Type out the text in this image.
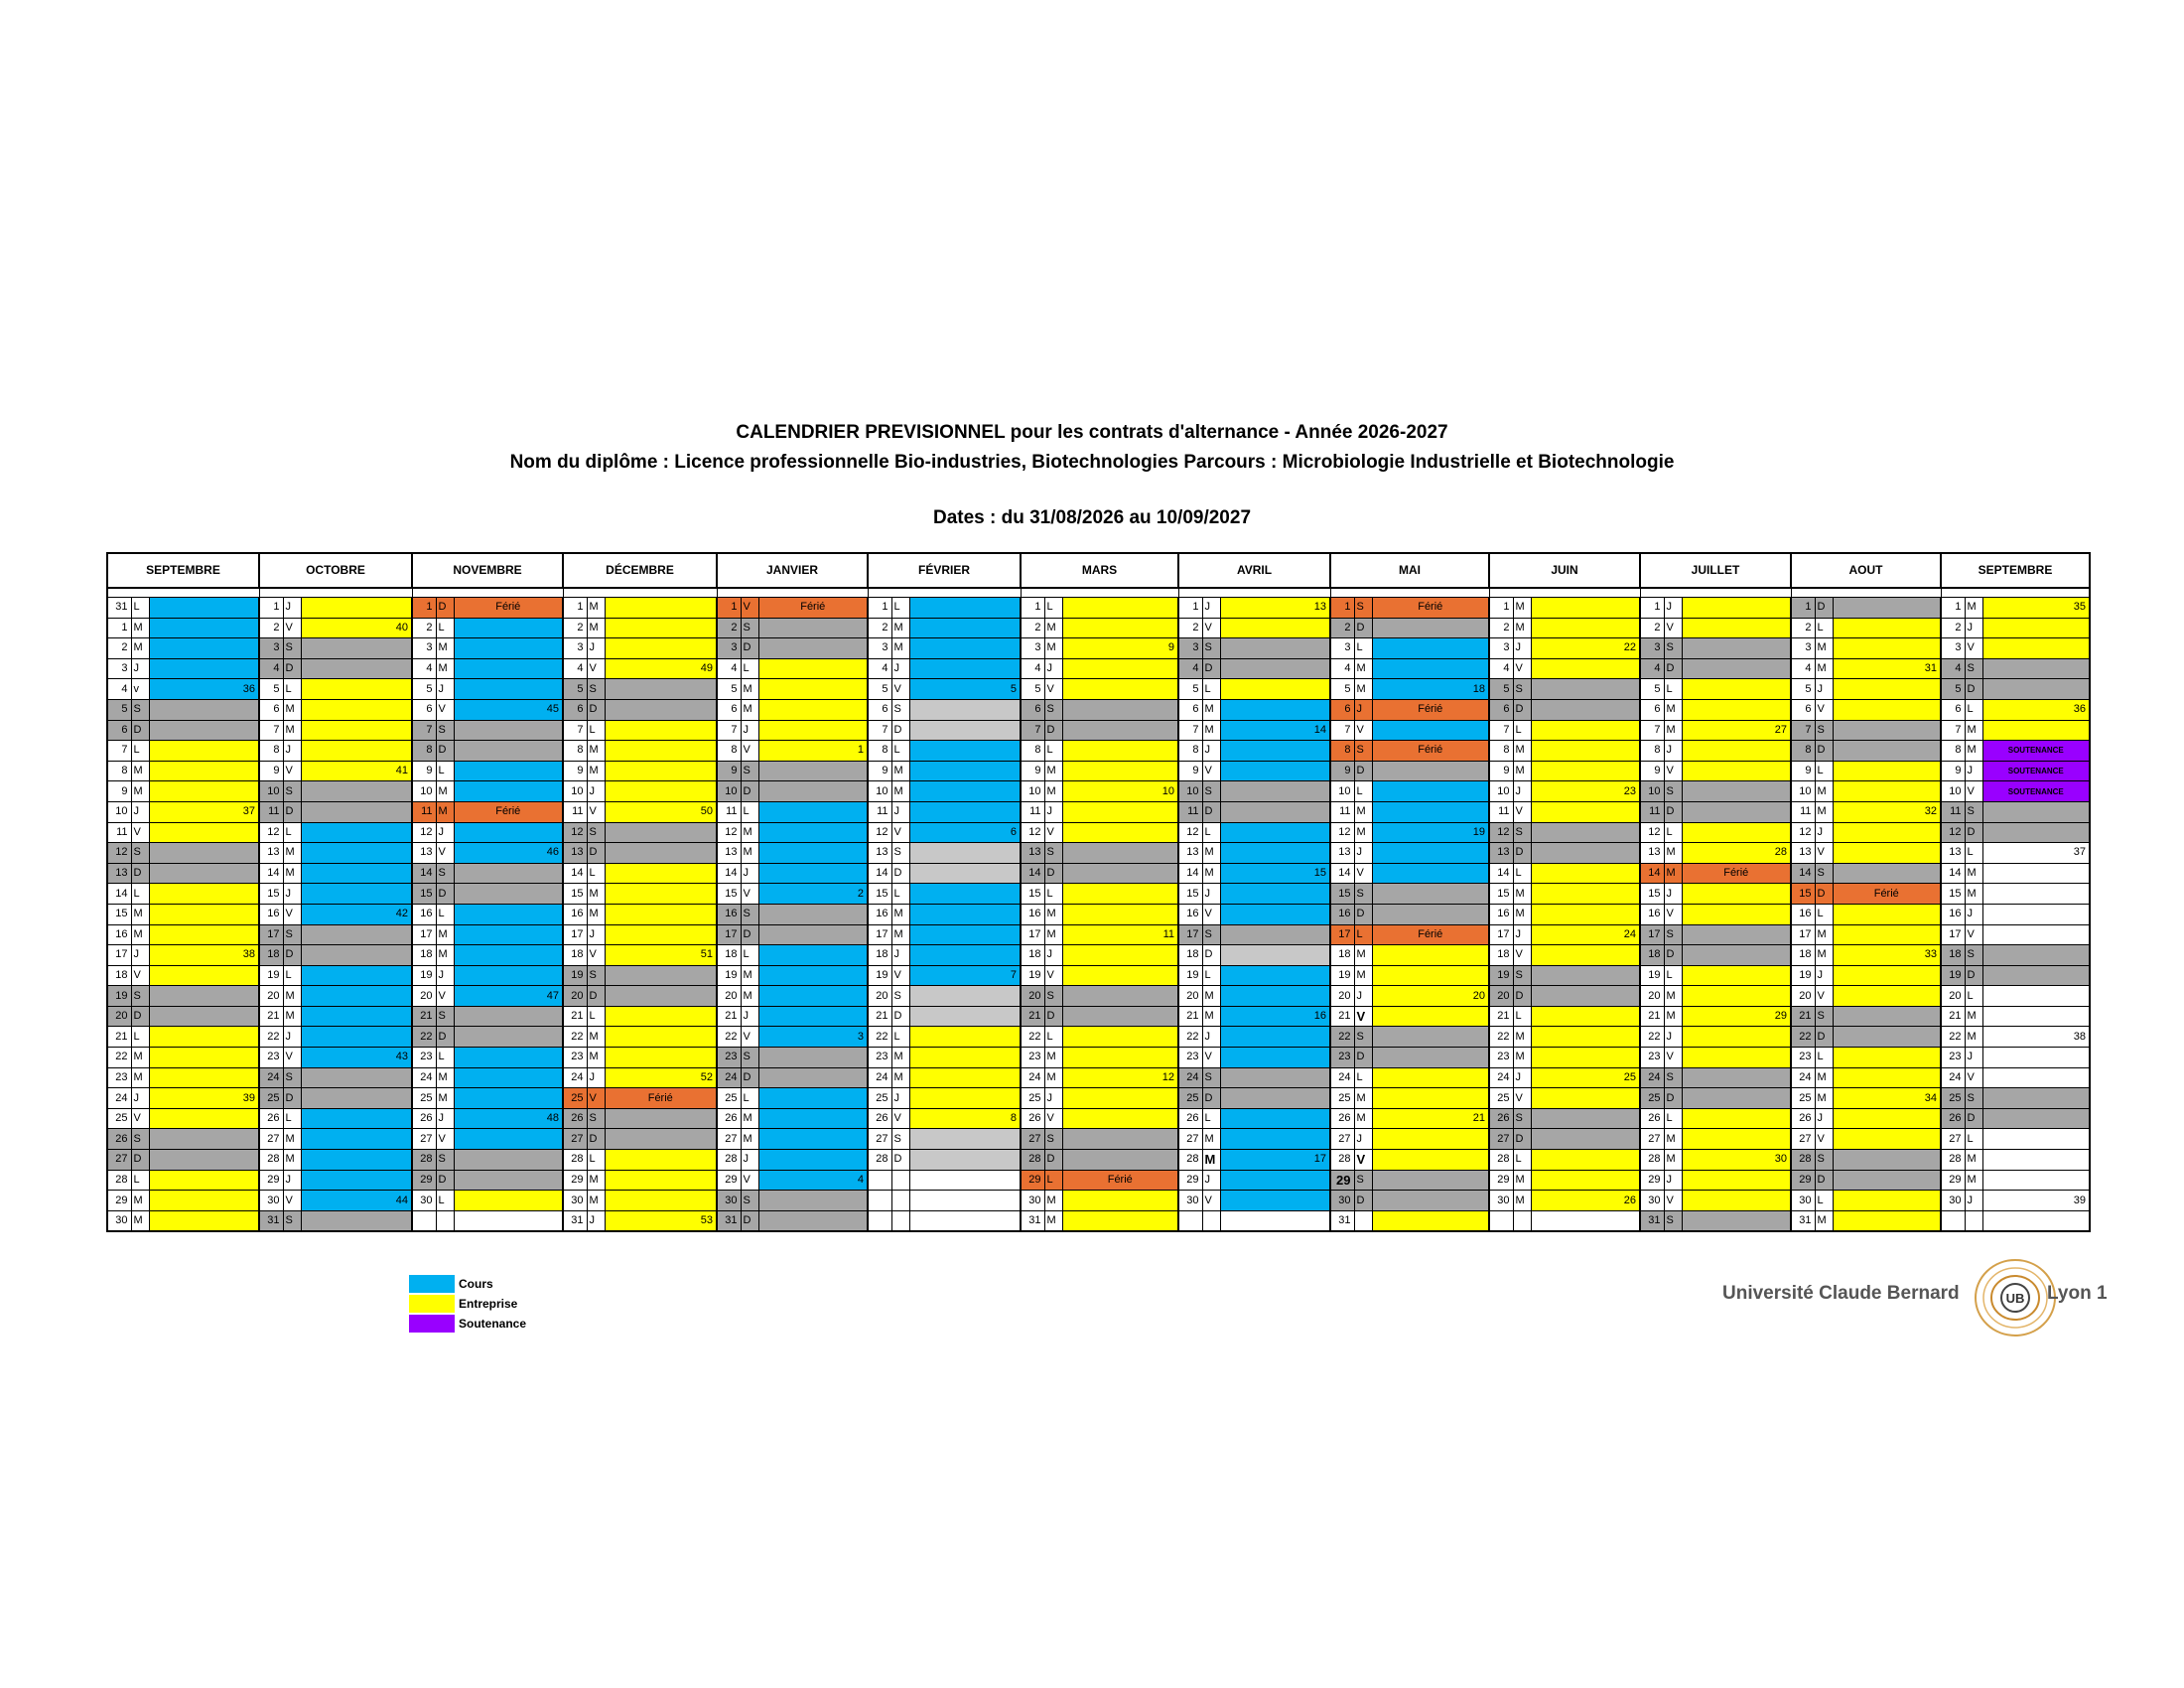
CALENDRIER PREVISIONNEL pour les contrats d'alternance - Année 2026-2027
Nom du diplôme : Licence professionnelle Bio-industries, Biotechnologies Parcours : Microbiologie Industrielle et Biotechnologie
Dates : du 31/08/2026 au 10/09/2027
SEPTEMBRE			OCTOBRE			NOVEMBRE			DÉCEMBRE			JANVIER			FÉVRIER			MARS			AVRIL			MAI			JUIN			JUILLET			AOUT			SEPTEMBRE		

31	L		1	J		1	D	Férié	1	M		1	V	Férié	1	L		1	L		1	J	13	1	S	Férié	1	M		1	J		1	D		1	M	35
1	M		2	V	40	2	L		2	M		2	S		2	M		2	M		2	V		2	D		2	M		2	V		2	L		2	J	
2	M		3	S		3	M		3	J		3	D		3	M		3	M	9	3	S		3	L		3	J	22	3	S		3	M		3	V	
3	J		4	D		4	M		4	V	49	4	L		4	J		4	J		4	D		4	M		4	V		4	D		4	M	31	4	S	
4	v	36	5	L		5	J		5	S		5	M		5	V	5	5	V		5	L		5	M	18	5	S		5	L		5	J		5	D	
5	S		6	M		6	V	45	6	D		6	M		6	S		6	S		6	M		6	J	Férié	6	D		6	M		6	V		6	L	36
6	D		7	M		7	S		7	L		7	J		7	D		7	D		7	M	14	7	V		7	L		7	M	27	7	S		7	M	
7	L		8	J		8	D		8	M		8	V	1	8	L		8	L		8	J		8	S	Férié	8	M		8	J		8	D		8	M	SOUTENANCE
8	M		9	V	41	9	L		9	M		9	S		9	M		9	M		9	V		9	D		9	M		9	V		9	L		9	J	SOUTENANCE
9	M		10	S		10	M		10	J		10	D		10	M		10	M	10	10	S		10	L		10	J	23	10	S		10	M		10	V	SOUTENANCE
10	J	37	11	D		11	M	Férié	11	V	50	11	L		11	J		11	J		11	D		11	M		11	V		11	D		11	M	32	11	S	
11	V		12	L		12	J		12	S		12	M		12	V	6	12	V		12	L		12	M	19	12	S		12	L		12	J		12	D	
12	S		13	M		13	V	46	13	D		13	M		13	S		13	S		13	M		13	J		13	D		13	M	28	13	V		13	L	37
13	D		14	M		14	S		14	L		14	J		14	D		14	D		14	M	15	14	V		14	L		14	M	Férié	14	S		14	M	
14	L		15	J		15	D		15	M		15	V	2	15	L		15	L		15	J		15	S		15	M		15	J		15	D	Férié	15	M	
15	M		16	V	42	16	L		16	M		16	S		16	M		16	M		16	V		16	D		16	M		16	V		16	L		16	J	
16	M		17	S		17	M		17	J		17	D		17	M		17	M	11	17	S		17	L	Férié	17	J	24	17	S		17	M		17	V	
17	J	38	18	D		18	M		18	V	51	18	L		18	J		18	J		18	D		18	M		18	V		18	D		18	M	33	18	S	
18	V		19	L		19	J		19	S		19	M		19	V	7	19	V		19	L		19	M		19	S		19	L		19	J		19	D	
19	S		20	M		20	V	47	20	D		20	M		20	S		20	S		20	M		20	J	20	20	D		20	M		20	V		20	L	
20	D		21	M		21	S		21	L		21	J		21	D		21	D		21	M	16	21	V		21	L		21	M	29	21	S		21	M	
21	L		22	J		22	D		22	M		22	V	3	22	L		22	L		22	J		22	S		22	M		22	J		22	D		22	M	38
22	M		23	V	43	23	L		23	M		23	S		23	M		23	M		23	V		23	D		23	M		23	V		23	L		23	J	
23	M		24	S		24	M		24	J	52	24	D		24	M		24	M	12	24	S		24	L		24	J	25	24	S		24	M		24	V	
24	J	39	25	D		25	M		25	V	Férié	25	L		25	J		25	J		25	D		25	M		25	V		25	D		25	M	34	25	S	
25	V		26	L		26	J	48	26	S		26	M		26	V	8	26	V		26	L		26	M	21	26	S		26	L		26	J		26	D	
26	S		27	M		27	V		27	D		27	M		27	S		27	S		27	M		27	J		27	D		27	M		27	V		27	L	
27	D		28	M		28	S		28	L		28	J		28	D		28	D		28	M	17	28	V		28	L		28	M	30	28	S		28	M	
28	L		29	J		29	D		29	M		29	V	4				29	L	Férié	29	J		29	S		29	M		29	J		29	D		29	M	
29	M		30	V	44	30	L		30	M		30	S					30	M		30	V		30	D		30	M	26	30	V		30	L		30	J	39
30	M		31	S					31	J	53	31	D					31	M					31						31	S		31	M				
Cours
Entreprise
Soutenance
Université Claude Bernard	UB Lyon 1
